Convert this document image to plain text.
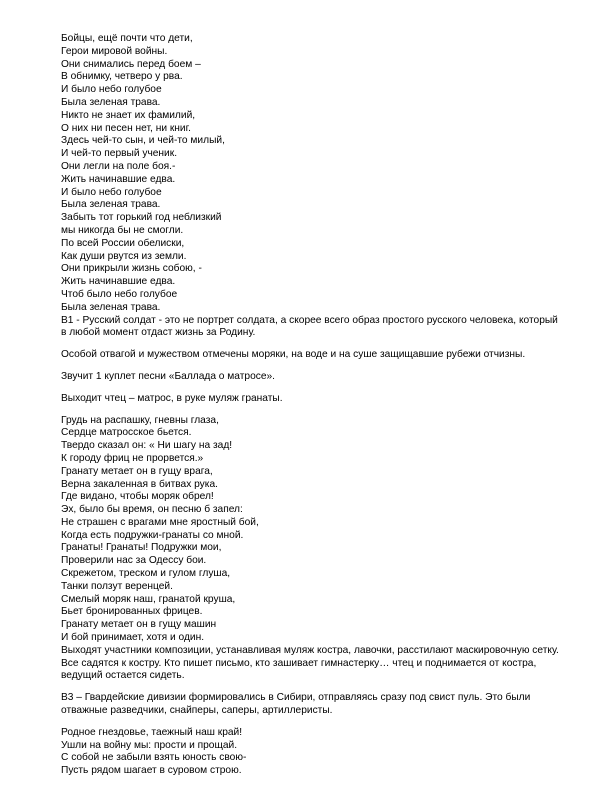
Бойцы, ещё почти что дети,
Герои мировой войны.
Они снимались перед боем –
В обнимку, четверо у рва.
И было небо голубое
Была зеленая трава.
Никто не знает их фамилий,
О них ни песен нет, ни книг.
Здесь чей-то сын, и чей-то милый,
И чей-то первый ученик.
Они легли на поле боя.-
Жить начинавшие едва.
И было небо голубое
Была зеленая трава.
Забыть тот горький год неблизкий
мы никогда бы не смогли.
По всей России обелиски,
Как души рвутся из земли.
Они прикрыли жизнь собою, -
Жить начинавшие едва.
Чтоб было небо голубое
Была зеленая трава.

В1 - Русский солдат - это не портрет солдата, а скорее всего образ простого русского человека, который в любой момент отдаст жизнь за Родину.

Особой отвагой и мужеством отмечены моряки, на воде и на суше защищавшие рубежи отчизны.

Звучит 1 куплет песни «Баллада о матросе».

Выходит чтец – матрос, в руке муляж гранаты.

Грудь на распашку, гневны глаза,
Сердце матросское бьется.
Твердо сказал он: « Ни шагу на зад!
К городу фриц не прорвется.»
Гранату метает он в гущу врага,
Верна закаленная в битвах рука.
Где видано, чтобы моряк обрел!
Эх, было бы время, он песню б запел:
Не страшен с врагами мне яростный бой,
Когда есть подружки-гранаты со мной.
Гранаты! Гранаты! Подружки мои,
Проверили нас за Одессу бои.
Скрежетом, треском и гулом глуша,
Танки ползут веренцей.
Смелый моряк наш, гранатой круша,
Бьет бронированных фрицев.
Гранату метает он в гущу машин
И бой принимает, хотя и один.

Выходят участники композиции, устанавливая муляж костра, лавочки, расстилают маскировочную сетку. Все садятся к костру. Кто пишет письмо, кто зашивает гимнастерку… чтец и поднимается от костра, ведущий остается сидеть.

В3 – Гвардейские дивизии формировались в Сибири, отправляясь сразу под свист пуль. Это были отважные разведчики, снайперы, саперы, артиллеристы.

Родное гнездовье, таежный наш край!
Ушли на войну мы: прости и прощай.
С собой не забыли взять юность свою-
Пусть рядом шагает в суровом строю.
